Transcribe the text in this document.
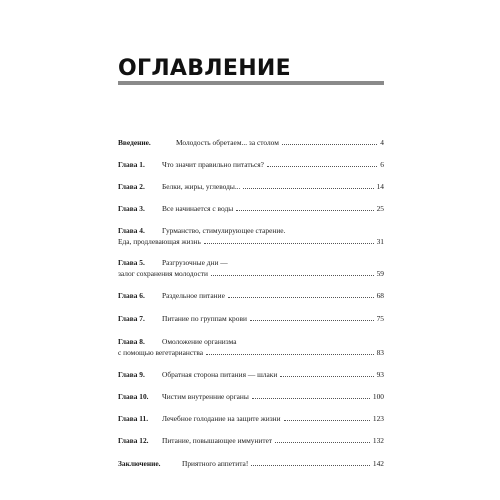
ОГЛАВЛЕНИЕ
Введение.	Молодость обретаем... за столом	4
Глава 1. Что значит правильно питаться?	6
Глава 2. Белки, жиры, углеводы...	14
Глава 3. Все начинается с воды	25
Глава 4. Гурманство, стимулирующее старение.
Еда, продлевающая жизнь	31
Глава 5. Разгрузочные дни —
залог сохранения молодости	59
Глава 6. Раздельное питание	68
Глава 7. Питание по группам крови	75
Глава 8. Омоложение организма
с помощью вегетарианства	83
Глава 9. Обратная сторона питания — шлаки	93
Глава 10. Чистим внутренние органы	100
Глава 11. Лечебное голодание на защите жизни	123
Глава 12. Питание, повышающее иммунитет	132
Заключение.	Приятного аппетита!	142
